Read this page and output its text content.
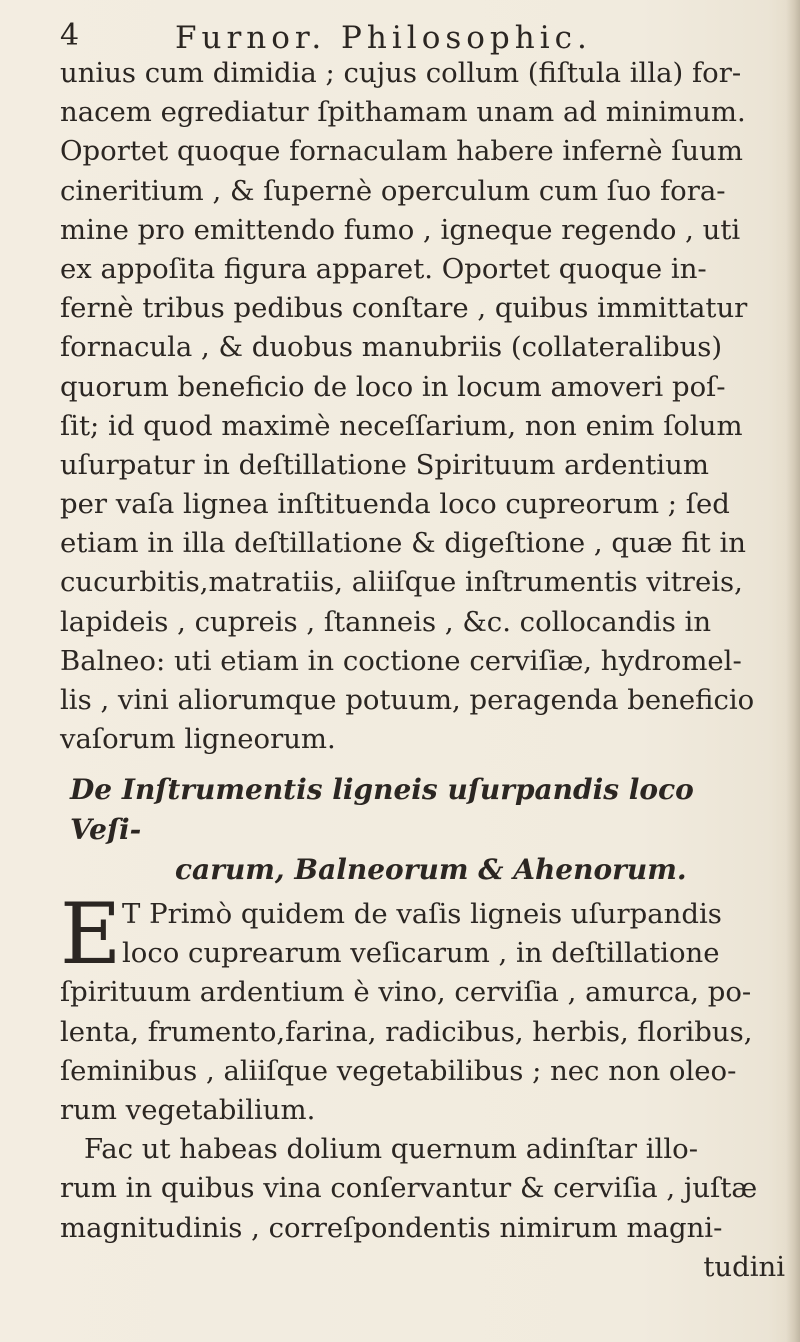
4	Furnor. Philosophic.
unius cum dimidia ; cujus collum (fiſtula illa) for-
nacem egrediatur ſpithamam unam ad minimum.
Oportet quoque fornaculam habere infernè ſuum
cineritium , & ſupernè operculum cum ſuo fora-
mine pro emittendo fumo , igneque regendo , uti
ex appoſita figura apparet. Oportet quoque in-
fernè tribus pedibus conſtare , quibus immittatur
fornacula , & duobus manubriis (collateralibus)
quorum beneficio de loco in locum amoveri poſ-
ſit; id quod maximè neceſſarium, non enim ſolum
uſurpatur in deſtillatione Spirituum ardentium
per vaſa lignea inſtituenda loco cupreorum ; ſed
etiam in illa deſtillatione & digeſtione , quæ fit in
cucurbitis,matratiis, aliiſque inſtrumentis vitreis,
lapideis , cupreis , ſtanneis , &c. collocandis in
Balneo: uti etiam in coctione cerviſiæ, hydromel-
lis , vini aliorumque potuum, peragenda beneficio
vaſorum ligneorum.
De Inſtrumentis ligneis uſurpandis loco Veſi-
carum, Balneorum & Ahenorum.
E T Primò quidem de vaſis ligneis uſurpandis
loco cuprearum veſicarum , in deſtillatione
ſpirituum ardentium è vino, cerviſia , amurca, po-
lenta, frumento,farina, radicibus, herbis, floribus,
ſeminibus , aliiſque vegetabilibus ; nec non oleo-
rum vegetabilium.
Fac ut habeas dolium quernum adinſtar illo-
rum in quibus vina conſervantur & cerviſia , juſtæ
magnitudinis , correſpondentis nimirum magni-
tudini
